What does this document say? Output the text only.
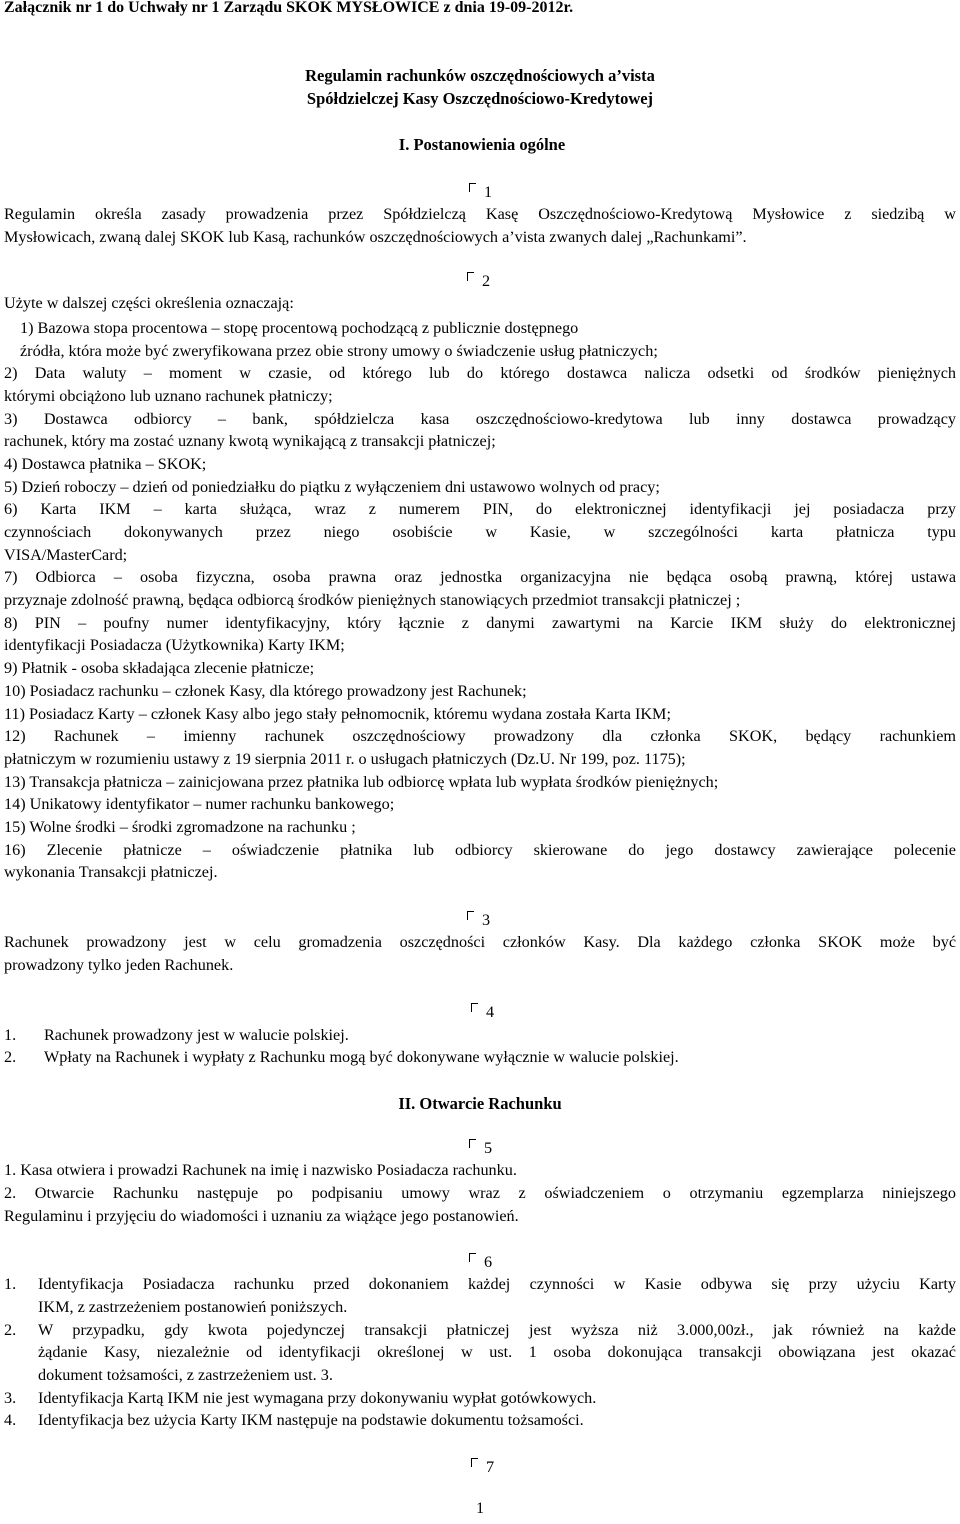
Załącznik nr 1 do Uchwały nr 1 Zarządu SKOK MYSŁOWICE z dnia 19-09-2012r.
Regulamin rachunków oszczędnościowych a’vista
Spółdzielczej Kasy Oszczędnościowo-Kredytowej
I. Postanowienia ogólne
1
Regulamin określa zasady prowadzenia przez Spółdzielczą Kasę Oszczędnościowo-Kredytową Mysłowice z siedzibą w
Mysłowicach, zwaną dalej SKOK lub Kasą, rachunków oszczędnościowych a’vista zwanych dalej „Rachunkami”.
2
Użyte w dalszej części określenia oznaczają:
1) Bazowa stopa procentowa – stopę procentową pochodzącą z publicznie dostępnego
źródła, która może być zweryfikowana przez obie strony umowy o świadczenie usług płatniczych;
2) Data waluty – moment w czasie, od którego lub do którego dostawca nalicza odsetki od środków pieniężnych
którymi obciążono lub uznano rachunek płatniczy;
3) Dostawca odbiorcy – bank, spółdzielcza kasa oszczędnościowo-kredytowa lub inny dostawca prowadzący
rachunek, który ma zostać uznany kwotą wynikającą z transakcji płatniczej;
4) Dostawca płatnika – SKOK;
5) Dzień roboczy – dzień od poniedziałku do piątku z wyłączeniem dni ustawowo wolnych od pracy;
6) Karta IKM – karta służąca, wraz z numerem PIN, do elektronicznej identyfikacji jej posiadacza przy
czynnościach dokonywanych przez niego osobiście w Kasie, w szczególności karta płatnicza typu
VISA/MasterCard;
7) Odbiorca – osoba fizyczna, osoba prawna oraz jednostka organizacyjna nie będąca osobą prawną, której ustawa
przyznaje zdolność prawną, będąca odbiorcą środków pieniężnych stanowiących przedmiot transakcji płatniczej ;
8) PIN – poufny numer identyfikacyjny, który łącznie z danymi zawartymi na Karcie IKM służy do elektronicznej
identyfikacji Posiadacza (Użytkownika) Karty IKM;
9) Płatnik - osoba składająca zlecenie płatnicze;
10) Posiadacz rachunku – członek Kasy, dla którego prowadzony jest Rachunek;
11) Posiadacz Karty – członek Kasy albo jego stały pełnomocnik, któremu wydana została Karta IKM;
12) Rachunek – imienny rachunek oszczędnościowy prowadzony dla członka SKOK, będący rachunkiem
płatniczym w rozumieniu ustawy z 19 sierpnia 2011 r. o usługach płatniczych (Dz.U. Nr 199, poz. 1175);
13) Transakcja płatnicza – zainicjowana przez płatnika lub odbiorcę wpłata lub wypłata środków pieniężnych;
14) Unikatowy identyfikator – numer rachunku bankowego;
15) Wolne środki – środki zgromadzone na rachunku ;
16) Zlecenie płatnicze – oświadczenie płatnika lub odbiorcy skierowane do jego dostawcy zawierające polecenie
wykonania Transakcji płatniczej.
3
Rachunek prowadzony jest w celu gromadzenia oszczędności członków Kasy. Dla każdego członka SKOK może być
prowadzony tylko jeden Rachunek.
4
1. Rachunek prowadzony jest w walucie polskiej.
2. Wpłaty na Rachunek i wypłaty z Rachunku mogą być dokonywane wyłącznie w walucie polskiej.
II. Otwarcie Rachunku
5
1. Kasa otwiera i prowadzi Rachunek na imię i nazwisko Posiadacza rachunku.
2. Otwarcie Rachunku następuje po podpisaniu umowy wraz z oświadczeniem o otrzymaniu egzemplarza niniejszego
Regulaminu i przyjęciu do wiadomości i uznaniu za wiążące jego postanowień.
6
1. Identyfikacja Posiadacza rachunku przed dokonaniem każdej czynności w Kasie odbywa się przy użyciu Karty
IKM, z zastrzeżeniem postanowień poniższych.
2. W przypadku, gdy kwota pojedynczej transakcji płatniczej jest wyższa niż 3.000,00zł., jak również na każde
żądanie Kasy, niezależnie od identyfikacji określonej w ust. 1 osoba dokonująca transakcji obowiązana jest okazać
dokument tożsamości, z zastrzeżeniem ust. 3.
3. Identyfikacja Kartą IKM nie jest wymagana przy dokonywaniu wypłat gotówkowych.
4. Identyfikacja bez użycia Karty IKM następuje na podstawie dokumentu tożsamości.
7
1
